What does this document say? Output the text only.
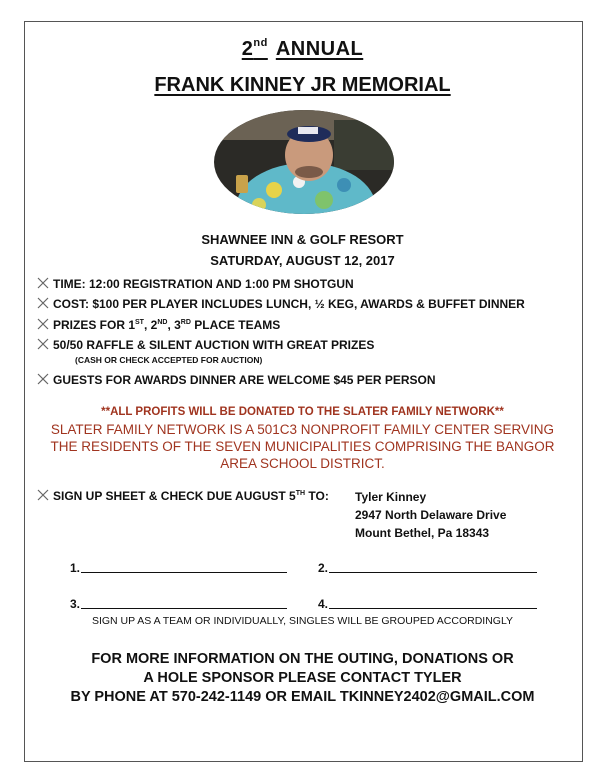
2nd ANNUAL
FRANK KINNEY JR MEMORIAL
SHAWNEE INN & GOLF RESORT
SATURDAY, AUGUST 12, 2017
TIME: 12:00 REGISTRATION AND 1:00 PM SHOTGUN
COST: $100 PER PLAYER INCLUDES LUNCH, ½ KEG, AWARDS & BUFFET DINNER
PRIZES FOR 1ST, 2ND, 3RD PLACE TEAMS
50/50 RAFFLE & SILENT AUCTION WITH GREAT PRIZES
(CASH OR CHECK ACCEPTED FOR AUCTION)
GUESTS FOR AWARDS DINNER ARE WELCOME $45 PER PERSON
**ALL PROFITS WILL BE DONATED TO THE SLATER FAMILY NETWORK**
SLATER FAMILY NETWORK IS A 501C3 NONPROFIT FAMILY CENTER SERVING
THE RESIDENTS OF THE SEVEN MUNICIPALITIES COMPRISING THE BANGOR
AREA SCHOOL DISTRICT.
SIGN UP SHEET & CHECK DUE AUGUST 5TH TO: Tyler Kinney
2947 North Delaware Drive
Mount Bethel, Pa 18343
1.	2.
3.	4.
SIGN UP AS A TEAM OR INDIVIDUALLY, SINGLES WILL BE GROUPED ACCORDINGLY
FOR MORE INFORMATION ON THE OUTING, DONATIONS OR
A HOLE SPONSOR PLEASE CONTACT TYLER
BY PHONE AT 570-242-1149 OR EMAIL TKINNEY2402@GMAIL.COM
